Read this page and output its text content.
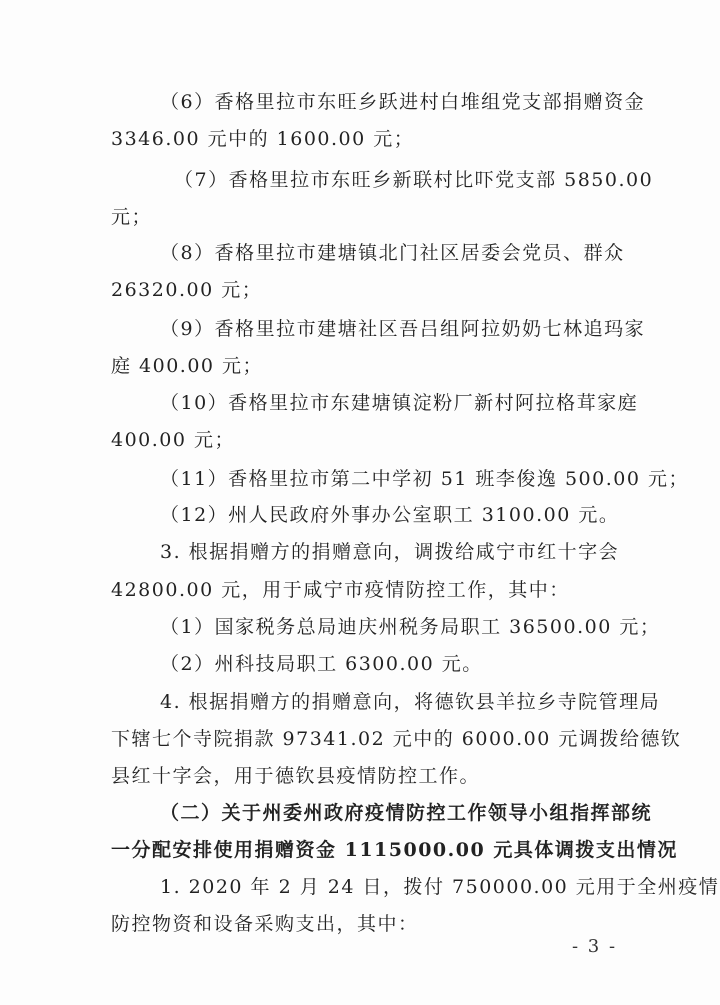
（6）香格里拉市东旺乡跃进村白堆组党支部捐赠资金
3346.00 元中的 1600.00 元；
（7）香格里拉市东旺乡新联村比吓党支部 5850.00
元；
（8）香格里拉市建塘镇北门社区居委会党员、群众
26320.00 元；
（9）香格里拉市建塘社区吾吕组阿拉奶奶七林追玛家
庭 400.00 元；
（10）香格里拉市东建塘镇淀粉厂新村阿拉格茸家庭
400.00 元；
（11）香格里拉市第二中学初 51 班李俊逸 500.00 元；
（12）州人民政府外事办公室职工 3100.00 元。
3. 根据捐赠方的捐赠意向，调拨给咸宁市红十字会
42800.00 元，用于咸宁市疫情防控工作，其中：
（1）国家税务总局迪庆州税务局职工 36500.00 元；
（2）州科技局职工 6300.00 元。
4. 根据捐赠方的捐赠意向，将德钦县羊拉乡寺院管理局
下辖七个寺院捐款 97341.02 元中的 6000.00 元调拨给德钦
县红十字会，用于德钦县疫情防控工作。
（二）关于州委州政府疫情防控工作领导小组指挥部统
一分配安排使用捐赠资金 1115000.00 元具体调拨支出情况
1. 2020 年 2 月 24 日，拨付 750000.00 元用于全州疫情
防控物资和设备采购支出，其中：
- 3 -
